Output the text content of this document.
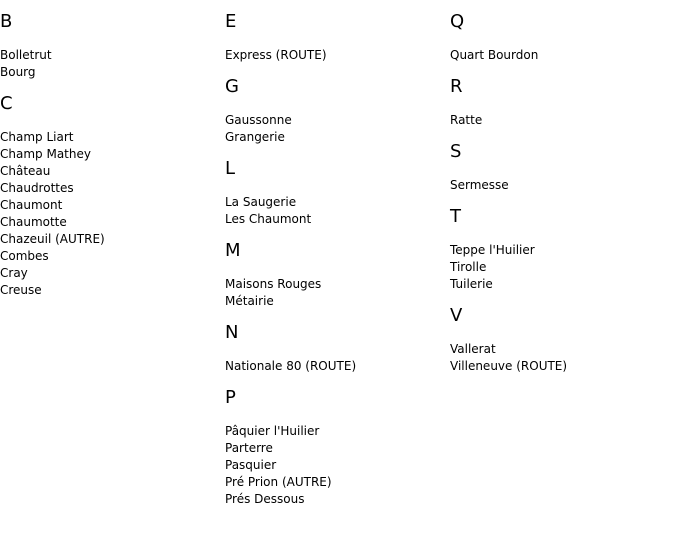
B
Bolletrut
Bourg
C
Champ Liart
Champ Mathey
Château
Chaudrottes
Chaumont
Chaumotte
Chazeuil (AUTRE)
Combes
Cray
Creuse
E
Express (ROUTE)
G
Gaussonne
Grangerie
L
La Saugerie
Les Chaumont
M
Maisons Rouges
Métairie
N
Nationale 80 (ROUTE)
P
Pâquier l'Huilier
Parterre
Pasquier
Pré Prion (AUTRE)
Prés Dessous
Q
Quart Bourdon
R
Ratte
S
Sermesse
T
Teppe l'Huilier
Tirolle
Tuilerie
V
Vallerat
Villeneuve (ROUTE)
